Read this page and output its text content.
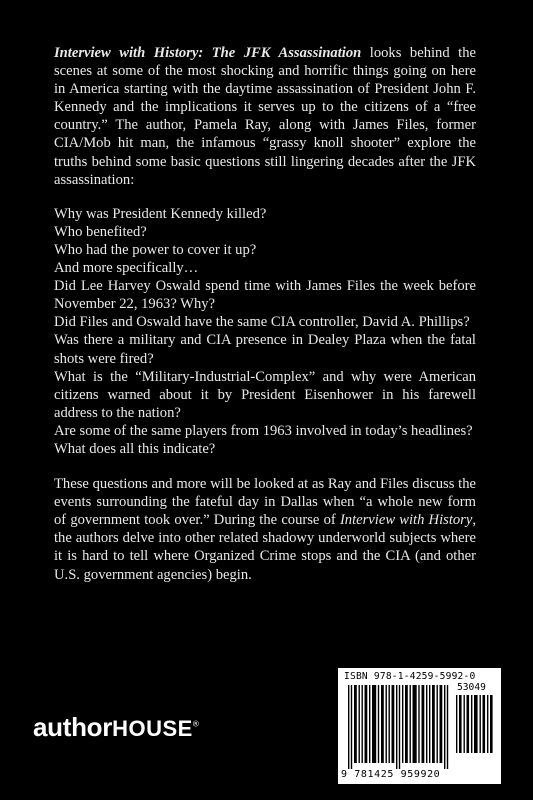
Interview with History: The JFK Assassination looks behind the scenes at some of the most shocking and horrific things going on here in America starting with the daytime assassination of President John F. Kennedy and the implications it serves up to the citizens of a “free country.” The author, Pamela Ray, along with James Files, former CIA/Mob hit man, the infamous “grassy knoll shooter” explore the truths behind some basic questions still lingering decades after the JFK assassination:

Why was President Kennedy killed?
Who benefited?
Who had the power to cover it up?
And more specifically…
Did Lee Harvey Oswald spend time with James Files the week before November 22, 1963? Why?
Did Files and Oswald have the same CIA controller, David A. Phillips?
Was there a military and CIA presence in Dealey Plaza when the fatal shots were fired?
What is the “Military-Industrial-Complex” and why were American citizens warned about it by President Eisenhower in his farewell address to the nation?
Are some of the same players from 1963 involved in today’s headlines?
What does all this indicate?

These questions and more will be looked at as Ray and Files discuss the events surrounding the fateful day in Dallas when “a whole new form of government took over.” During the course of Interview with History, the authors delve into other related shadowy underworld subjects where it is hard to tell where Organized Crime stops and the CIA (and other U.S. government agencies) begin.

authorHOUSE®
ISBN 978-1-4259-5992-0
53049
9 781425 959920
